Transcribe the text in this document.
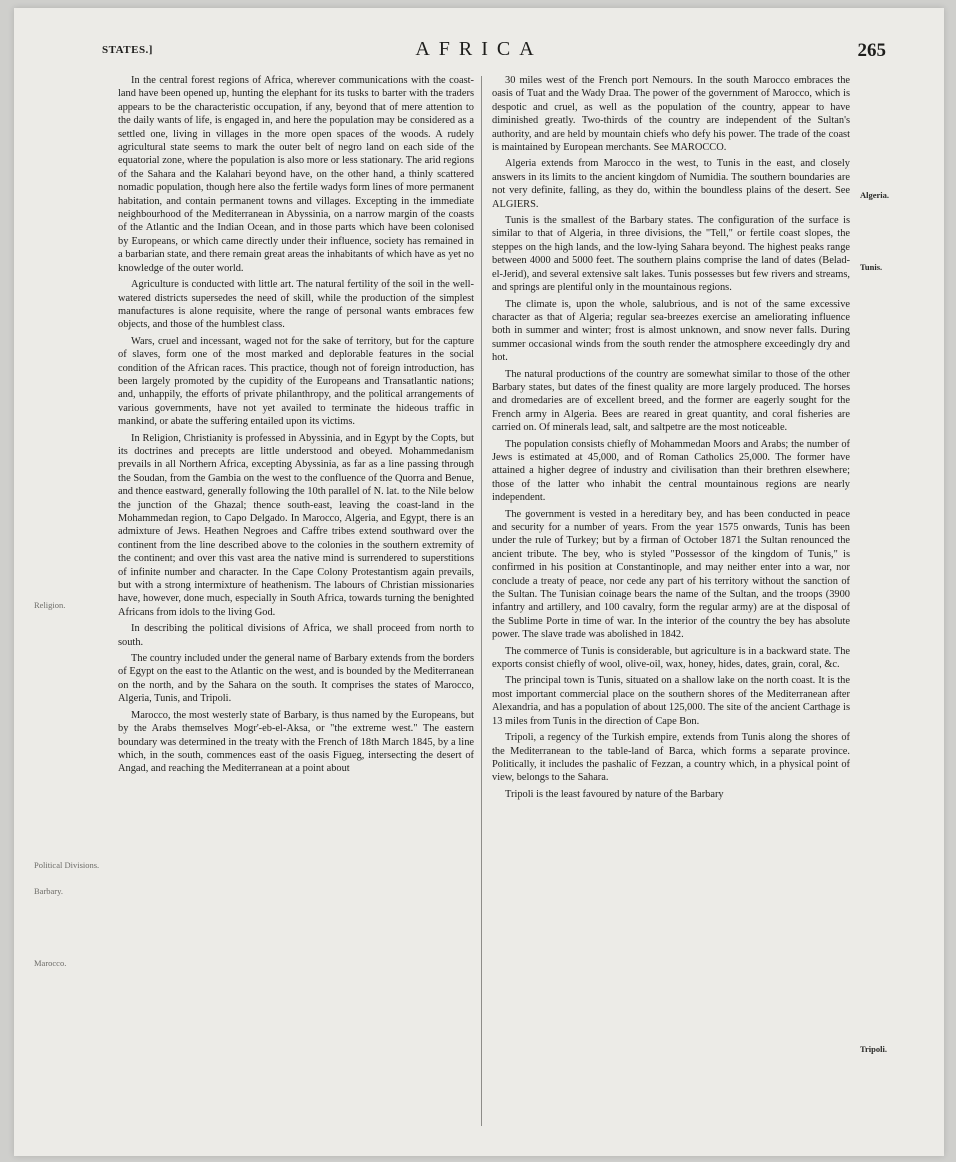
STATES.]	AFRICA	265

In the central forest regions of Africa, wherever communications with the coast-land have been opened up, hunting the elephant for its tusks to barter with the traders appears to be the characteristic occupation, if any, beyond that of mere attention to the daily wants of life, is engaged in, and here the population may be considered as a settled one, living in villages in the more open spaces of the woods. A rudely agricultural state seems to mark the outer belt of negro land on each side of the equatorial zone, where the population is also more or less stationary. The arid regions of the Sahara and the Kalahari beyond have, on the other hand, a thinly scattered nomadic population, though here also the fertile wadys form lines of more permanent habitation, and contain permanent towns and villages. Excepting in the immediate neighbourhood of the Mediterranean in Abyssinia, on a narrow margin of the coasts of the Atlantic and the Indian Ocean, and in those parts which have been colonised by Europeans, or which came directly under their influence, society has remained in a barbarian state, and there remain great areas the inhabitants of which have as yet no knowledge of the outer world.

Agriculture is conducted with little art. The natural fertility of the soil in the well-watered districts supersedes the need of skill, while the production of the simplest manufactures is alone requisite, where the range of personal wants embraces few objects, and those of the humblest class.

Wars, cruel and incessant, waged not for the sake of territory, but for the capture of slaves, form one of the most marked and deplorable features in the social condition of the African races. This practice, though not of foreign introduction, has been largely promoted by the cupidity of the Europeans and Transatlantic nations; and, unhappily, the efforts of private philanthropy, and the political arrangements of various governments, have not yet availed to terminate the hideous traffic in mankind, or abate the suffering entailed upon its victims.

In Religion, Christianity is professed in Abyssinia, and in Egypt by the Copts, but its doctrines and precepts are little understood and obeyed. Mohammedanism prevails in all Northern Africa, excepting Abyssinia, as far as a line passing through the Soudan, from the Gambia on the west to the confluence of the Quorra and Benue, and thence eastward, generally following the 10th parallel of N. lat. to the Nile below the junction of the Ghazal; thence south-east, leaving the coast-land in the Mohammedan region, to Capo Delgado. In Marocco, Algeria, and Egypt, there is an admixture of Jews. Heathen Negroes and Caffre tribes extend southward over the continent from the line described above to the colonies in the southern extremity of the continent; and over this vast area the native mind is surrendered to superstitions of infinite number and character. In the Cape Colony Protestantism again prevails, but with a strong intermixture of heathenism. The labours of Christian missionaries have, however, done much, especially in South Africa, towards turning the benighted Africans from idols to the living God.

In describing the political divisions of Africa, we shall proceed from north to south.

The country included under the general name of Barbary extends from the borders of Egypt on the east to the Atlantic on the west, and is bounded by the Mediterranean on the north, and by the Sahara on the south. It comprises the states of Marocco, Algeria, Tunis, and Tripoli.

Marocco, the most westerly state of Barbary, is thus named by the Europeans, but by the Arabs themselves Mogr'-eb-el-Aksa, or "the extreme west." The eastern boundary was determined in the treaty with the French of 18th March 1845, by a line which, in the south, commences east of the oasis Figueg, intersecting the desert of Angad, and reaching the Mediterranean at a point about

30 miles west of the French port Nemours. In the south Marocco embraces the oasis of Tuat and the Wady Draa. The power of the government of Marocco, which is despotic and cruel, as well as the population of the country, appear to have diminished greatly. Two-thirds of the country are independent of the Sultan's authority, and are held by mountain chiefs who defy his power. The trade of the coast is maintained by European merchants. See MAROCCO.

Algeria extends from Marocco in the west, to Tunis in the east, and closely answers in its limits to the ancient kingdom of Numidia. The southern boundaries are not very definite, falling, as they do, within the boundless plains of the desert. See ALGIERS.

Tunis is the smallest of the Barbary states. The configuration of the surface is similar to that of Algeria, in three divisions, the "Tell," or fertile coast slopes, the steppes on the high lands, and the low-lying Sahara beyond. The highest peaks range between 4000 and 5000 feet. The southern plains comprise the land of dates (Belad-el-Jerid), and several extensive salt lakes. Tunis possesses but few rivers and streams, and springs are plentiful only in the mountainous regions.

The climate is, upon the whole, salubrious, and is not of the same excessive character as that of Algeria; regular sea-breezes exercise an ameliorating influence both in summer and winter; frost is almost unknown, and snow never falls. During summer occasional winds from the south render the atmosphere exceedingly dry and hot.

The natural productions of the country are somewhat similar to those of the other Barbary states, but dates of the finest quality are more largely produced. The horses and dromedaries are of excellent breed, and the former are eagerly sought for the French army in Algeria. Bees are reared in great quantity, and coral fisheries are carried on. Of minerals lead, salt, and saltpetre are the most noticeable.

The population consists chiefly of Mohammedan Moors and Arabs; the number of Jews is estimated at 45,000, and of Roman Catholics 25,000. The former have attained a higher degree of industry and civilisation than their brethren elsewhere; those of the latter who inhabit the central mountainous regions are nearly independent.

The government is vested in a hereditary bey, and has been conducted in peace and security for a number of years. From the year 1575 onwards, Tunis has been under the rule of Turkey; but by a firman of October 1871 the Sultan renounced the ancient tribute. The bey, who is styled "Possessor of the kingdom of Tunis," is confirmed in his position at Constantinople, and may neither enter into a war, nor conclude a treaty of peace, nor cede any part of his territory without the sanction of the Sultan. The Tunisian coinage bears the name of the Sultan, and the troops (3900 infantry and artillery, and 100 cavalry, form the regular army) are at the disposal of the Sublime Porte in time of war. In the interior of the country the bey has absolute power. The slave trade was abolished in 1842.

The commerce of Tunis is considerable, but agriculture is in a backward state. The exports consist chiefly of wool, olive-oil, wax, honey, hides, dates, grain, coral, &c.

The principal town is Tunis, situated on a shallow lake on the north coast. It is the most important commercial place on the southern shores of the Mediterranean after Alexandria, and has a population of about 125,000. The site of the ancient Carthage is 13 miles from Tunis in the direction of Cape Bon.

Tripoli, a regency of the Turkish empire, extends from Tunis along the shores of the Mediterranean to the table-land of Barca, which forms a separate province. Politically, it includes the pashalic of Fezzan, a country which, in a physical point of view, belongs to the Sahara.

Tripoli is the least favoured by nature of the Barbary

Religion.
Political Divisions.
Barbary.
Marocco.
Algeria.
Tunis.
Tripoli.
